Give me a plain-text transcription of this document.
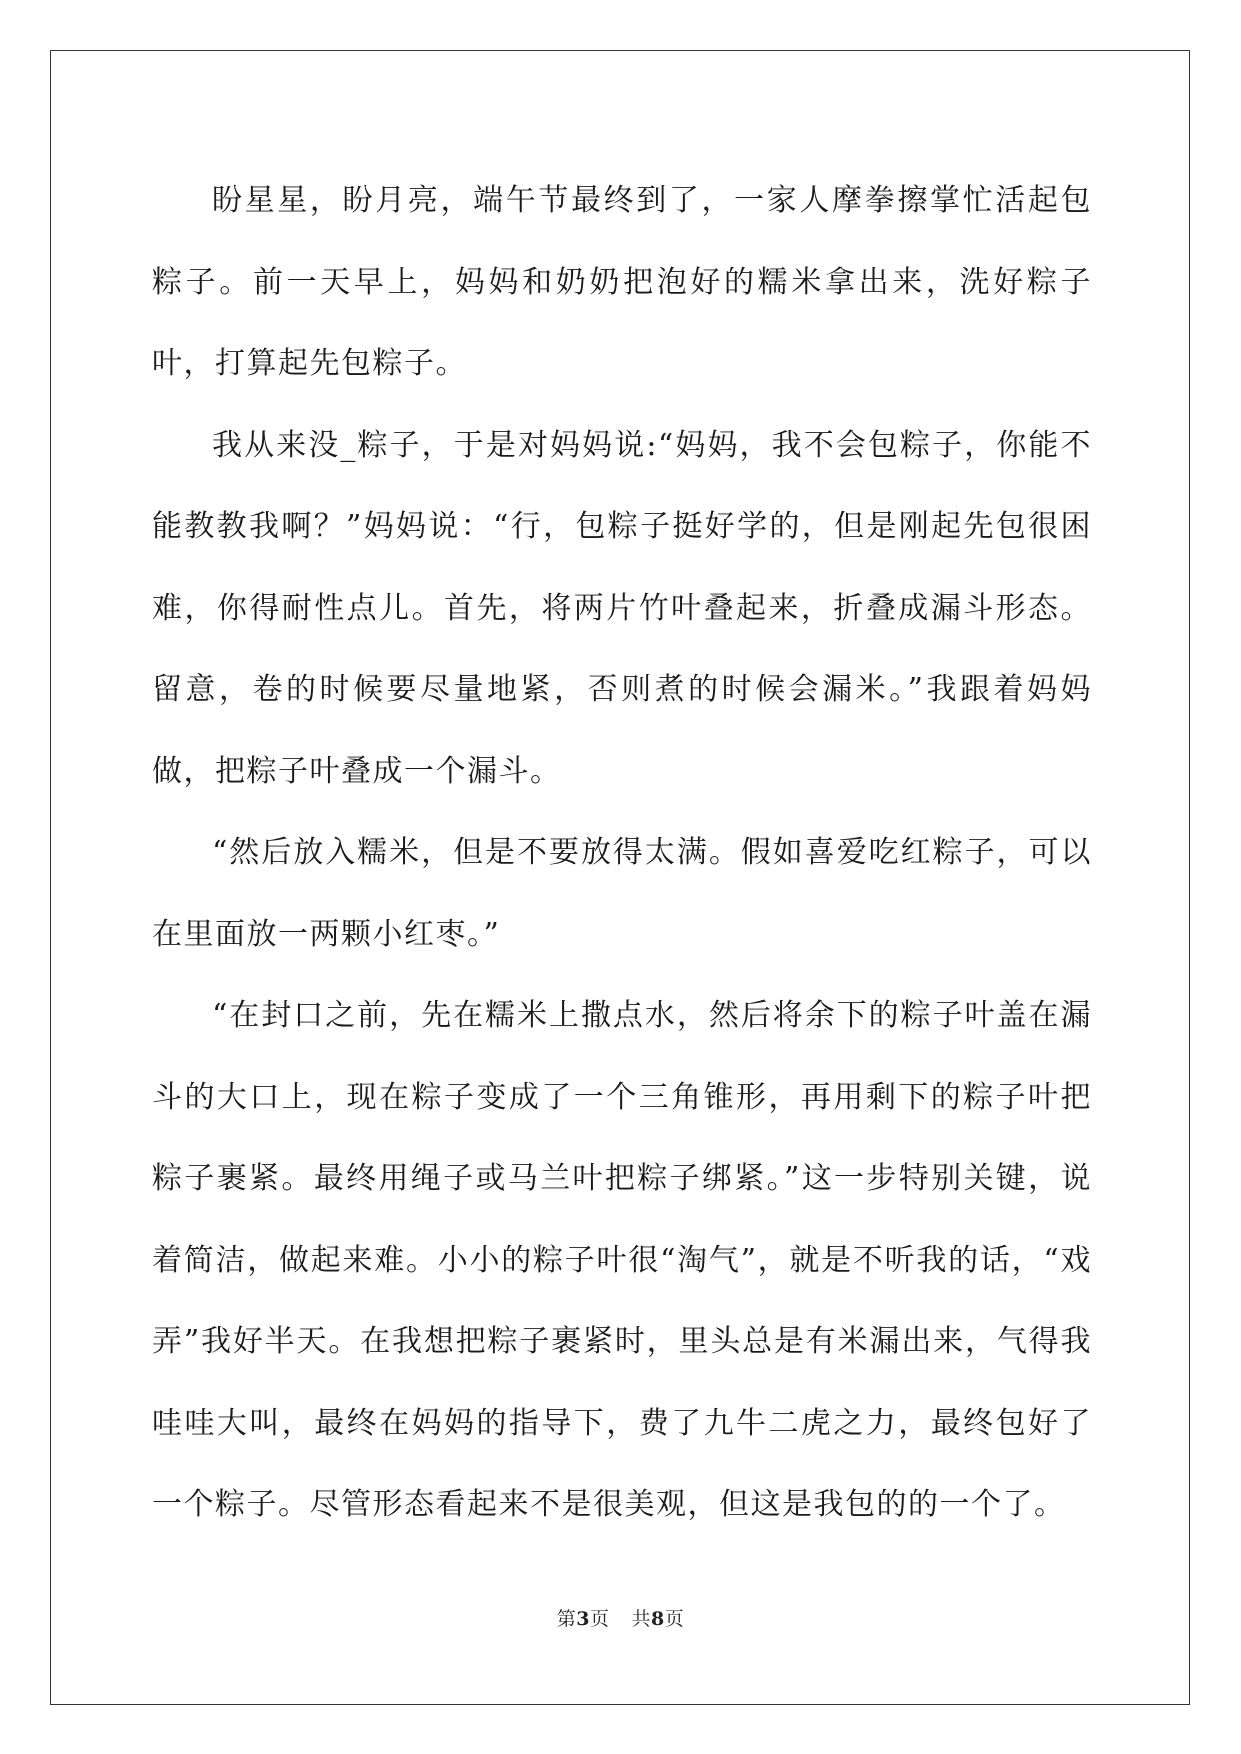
盼星星，盼月亮，端午节最终到了，一家人摩拳擦掌忙活起包粽子。前一天早上，妈妈和奶奶把泡好的糯米拿出来，洗好粽子叶，打算起先包粽子。

我从来没_粽子，于是对妈妈说:“妈妈，我不会包粽子，你能不能教教我啊？”妈妈说：“行，包粽子挺好学的，但是刚起先包很困难，你得耐性点儿。首先，将两片竹叶叠起来，折叠成漏斗形态。留意，卷的时候要尽量地紧，否则煮的时候会漏米。”我跟着妈妈做，把粽子叶叠成一个漏斗。

“然后放入糯米，但是不要放得太满。假如喜爱吃红粽子，可以在里面放一两颗小红枣。”

“在封口之前，先在糯米上撒点水，然后将余下的粽子叶盖在漏斗的大口上，现在粽子变成了一个三角锥形，再用剩下的粽子叶把粽子裹紧。最终用绳子或马兰叶把粽子绑紧。”这一步特别关键，说着简洁，做起来难。小小的粽子叶很“淘气”，就是不听我的话，“戏弄”我好半天。在我想把粽子裹紧时，里头总是有米漏出来，气得我哇哇大叫，最终在妈妈的指导下，费了九牛二虎之力，最终包好了一个粽子。尽管形态看起来不是很美观，但这是我包的的一个了。

第3页 共8页
